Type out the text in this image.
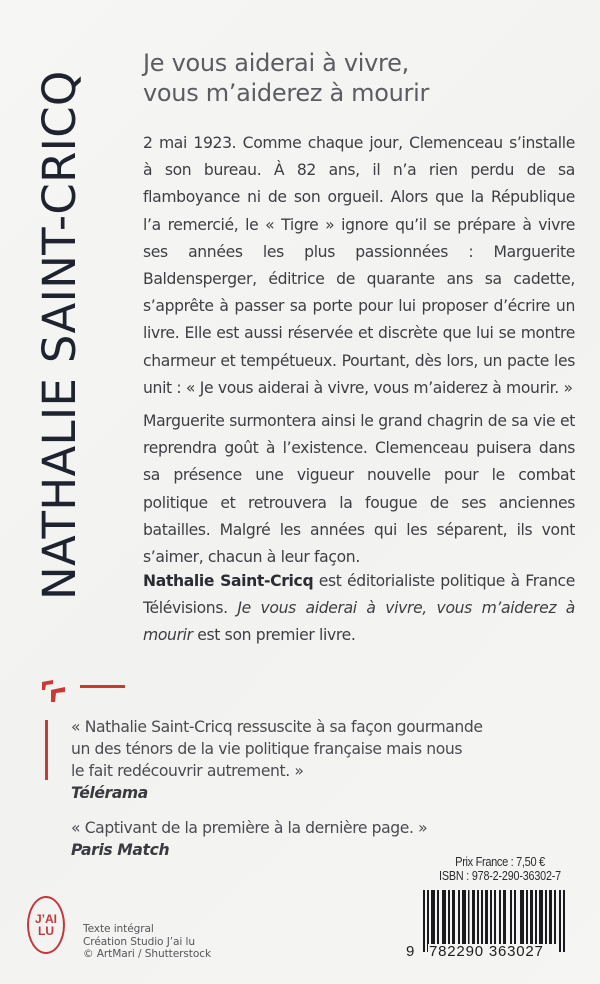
NATHALIE SAINT-CRICQ
Je vous aiderai à vivre,
vous m’aiderez à mourir

2 mai 1923. Comme chaque jour, Clemenceau s’installe à son bureau. À 82 ans, il n’a rien perdu de sa flamboyance ni de son orgueil. Alors que la République l’a remercié, le « Tigre » ignore qu’il se prépare à vivre ses années les plus passionnées : Marguerite Baldensperger, éditrice de quarante ans sa cadette, s’apprête à passer sa porte pour lui proposer d’écrire un livre. Elle est aussi réservée et discrète que lui se montre charmeur et tempétueux. Pourtant, dès lors, un pacte les unit : « Je vous aiderai à vivre, vous m’aiderez à mourir. »

Marguerite surmontera ainsi le grand chagrin de sa vie et reprendra goût à l’existence. Clemenceau puisera dans sa présence une vigueur nouvelle pour le combat politique et retrouvera la fougue de ses anciennes batailles. Malgré les années qui les séparent, ils vont s’aimer, chacun à leur façon.

Nathalie Saint-Cricq est éditorialiste politique à France Télévisions. Je vous aiderai à vivre, vous m’aiderez à mourir est son premier livre.

« Nathalie Saint-Cricq ressuscite à sa façon gourmande
un des ténors de la vie politique française mais nous
le fait redécouvrir autrement. »
Télérama
« Captivant de la première à la dernière page. »
Paris Match
J’AI
LU	Texte intégral
Création Studio J’ai lu
© ArtMari / Shutterstock
Prix France : 7,50 €
ISBN : 978-2-290-36302-7
9 782290 363027
